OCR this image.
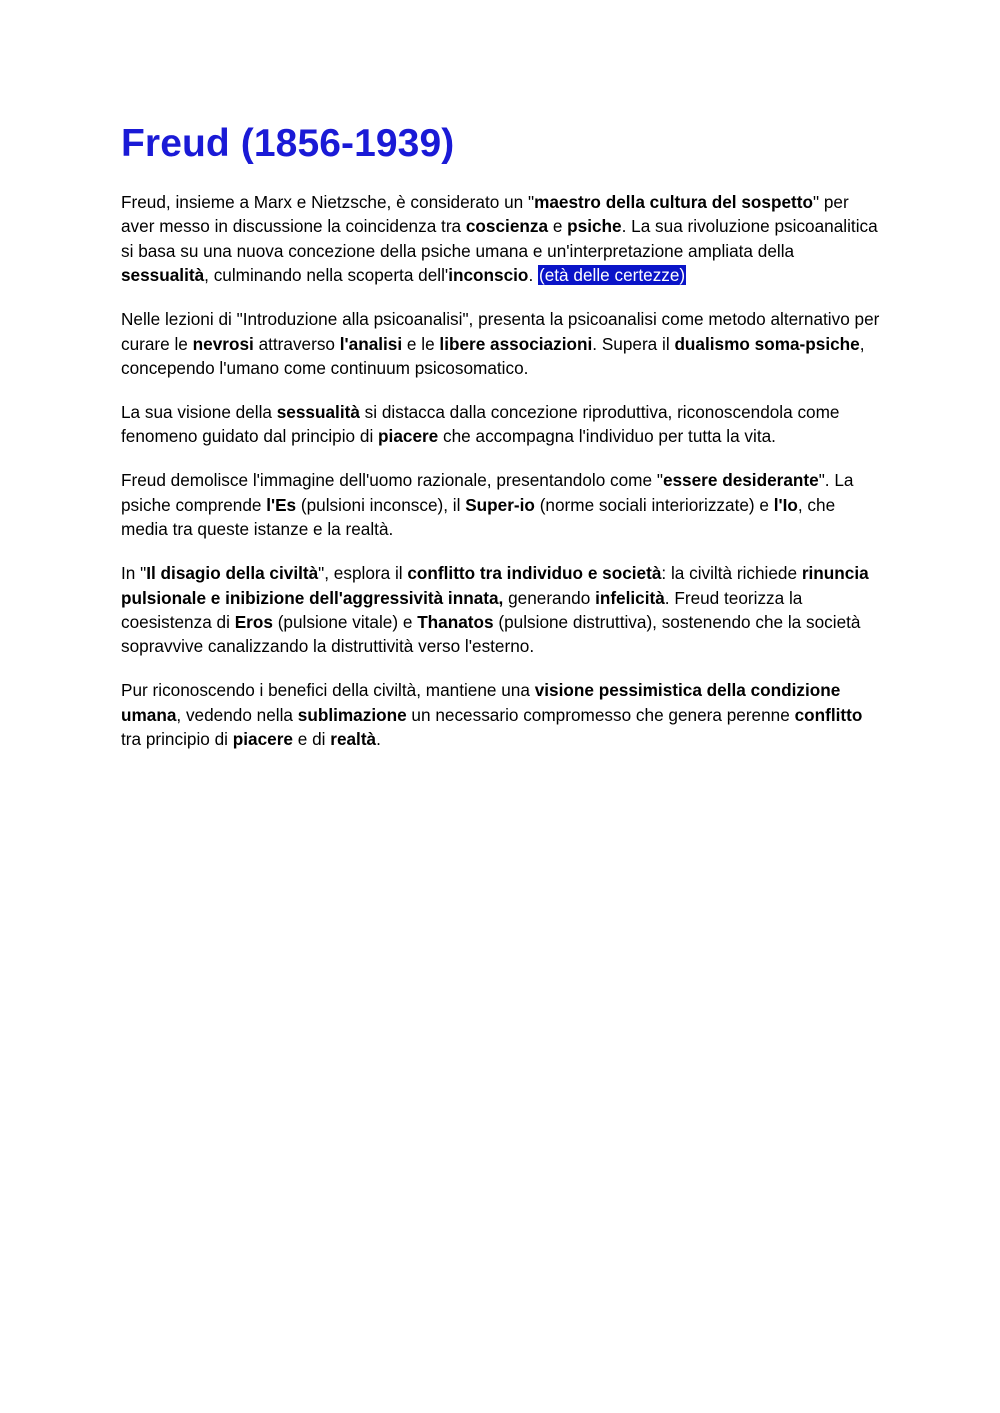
Freud (1856-1939)

Freud, insieme a Marx e Nietzsche, è considerato un "maestro della cultura del sospetto" per aver messo in discussione la coincidenza tra coscienza e psiche. La sua rivoluzione psicoanalitica si basa su una nuova concezione della psiche umana e un'interpretazione ampliata della sessualità, culminando nella scoperta dell'inconscio. (età delle certezze)

Nelle lezioni di "Introduzione alla psicoanalisi", presenta la psicoanalisi come metodo alternativo per curare le nevrosi attraverso l'analisi e le libere associazioni. Supera il dualismo soma-psiche, concependo l'umano come continuum psicosomatico.

La sua visione della sessualità si distacca dalla concezione riproduttiva, riconoscendola come fenomeno guidato dal principio di piacere che accompagna l'individuo per tutta la vita.

Freud demolisce l'immagine dell'uomo razionale, presentandolo come "essere desiderante". La psiche comprende l'Es (pulsioni inconsce), il Super-io (norme sociali interiorizzate) e l'Io, che media tra queste istanze e la realtà.

In "Il disagio della civiltà", esplora il conflitto tra individuo e società: la civiltà richiede rinuncia pulsionale e inibizione dell'aggressività innata, generando infelicità. Freud teorizza la coesistenza di Eros (pulsione vitale) e Thanatos (pulsione distruttiva), sostenendo che la società sopravvive canalizzando la distruttività verso l'esterno.

Pur riconoscendo i benefici della civiltà, mantiene una visione pessimistica della condizione umana, vedendo nella sublimazione un necessario compromesso che genera perenne conflitto tra principio di piacere e di realtà.
